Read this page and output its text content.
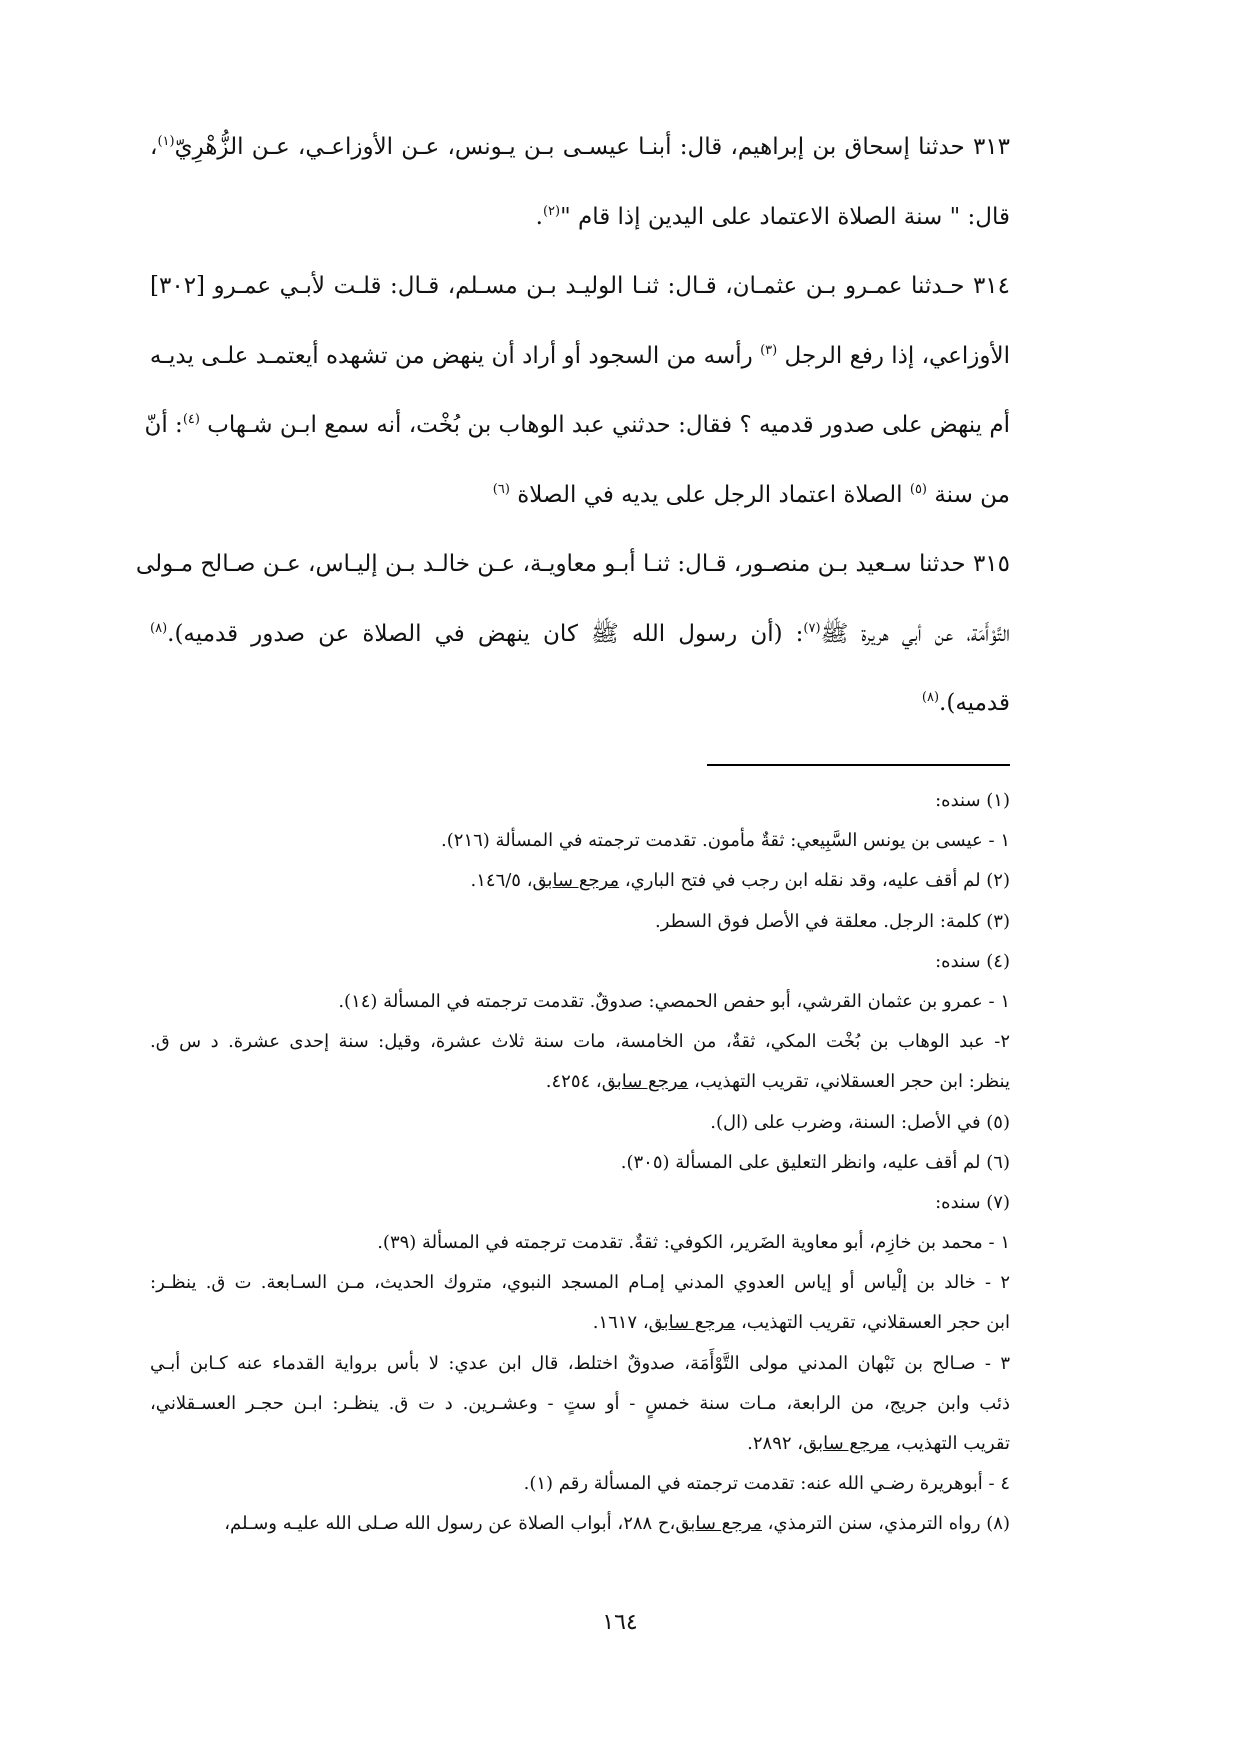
٣١٣ حدثنا إسحاق بن إبراهيم، قال: أبنـا عيسـى بـن يـونس، عـن الأوزاعـي، عـن الزُّهْرِيّ$^{(١)}$،
قال: " سنة الصلاة الاعتماد على اليدين إذا قام "$^{(٢)}$.
٣١٤ حـدثنا عمـرو بـن عثمـان، قـال: ثنـا الوليـد بـن مسـلم، قـال: قلـت لأبـي عمـرو [٣٠٢]
الأوزاعي، إذا رفع الرجل $^{(٣)}$ رأسه من السجود أو أراد أن ينهض من تشهده أيعتمـد علـى يديـه
أم ينهض على صدور قدميه ؟ فقال: حدثني عبد الوهاب بن بُخْت، أنه سمع ابـن شـهاب $^{(٤)}$: أنّ
من سنة $^{(٥)}$ الصلاة اعتماد الرجل على يديه في الصلاة $^{(٦)}$
٣١٥ حدثنا سـعيد بـن منصـور، قـال: ثنـا أبـو معاويـة، عـن خالـد بـن إليـاس، عـن صـالح مـولى
التَّوْأَمَة، عن أبي هريرة ﷺ$^{(٧)}$: (أن رسول الله ﷺ كان ينهض في الصلاة عن صدور قدميه).$^{(٨)}$
قدميه).$^{(٨)}$
(١) سنده:
١ - عيسى بن يونس السَّبِيعي: ثقةٌ مأمون. تقدمت ترجمته في المسألة (٢١٦).
(٢) لم أقف عليه، وقد نقله ابن رجب في فتح الباري، مرجع سابق، ١٤٦/٥.
(٣) كلمة: الرجل. معلقة في الأصل فوق السطر.
(٤) سنده:
١ - عمرو بن عثمان القرشي، أبو حفص الحمصي: صدوقٌ. تقدمت ترجمته في المسألة (١٤).
٢- عبد الوهاب بن بُخْت المكي، ثقةٌ، من الخامسة، مات سنة ثلاث عشرة، وقيل: سنة إحدى عشرة. د س ق.
ينظر: ابن حجر العسقلاني، تقريب التهذيب، مرجع سابق، ٤٢٥٤.
(٥) في الأصل: السنة، وضرب على (ال).
(٦) لم أقف عليه، وانظر التعليق على المسألة (٣٠٥).
(٧) سنده:
١ - محمد بن خازِم، أبو معاوية الضَرير، الكوفي: ثقةٌ. تقدمت ترجمته في المسألة (٣٩).
٢ - خالد بن إلْياس أو إياس العدوي المدني إمـام المسجد النبوي، متروك الحديث، مـن السـابعة. ت ق. ينظـر:
ابن حجر العسقلاني، تقريب التهذيب، مرجع سابق، ١٦١٧.
٣ - صـالح بن نَبْهان المدني مولى التَّوْأَمَة، صدوقٌ اختلط، قال ابن عدي: لا بأس برواية القدماء عنه كـابن أبـي
ذئب وابن جريج، من الرابعة، مـات سنة خمسٍ - أو ستٍ - وعشـرين. د ت ق. ينظـر: ابـن حجـر العسـقلاني،
تقريب التهذيب، مرجع سابق، ٢٨٩٢.
٤ - أبوهريرة رضـي الله عنه: تقدمت ترجمته في المسألة رقم (١).
(٨) رواه الترمذي، سنن الترمذي، مرجع سابق،ح ٢٨٨، أبواب الصلاة عن رسول الله صـلى الله عليـه وسـلم،
١٦٤
